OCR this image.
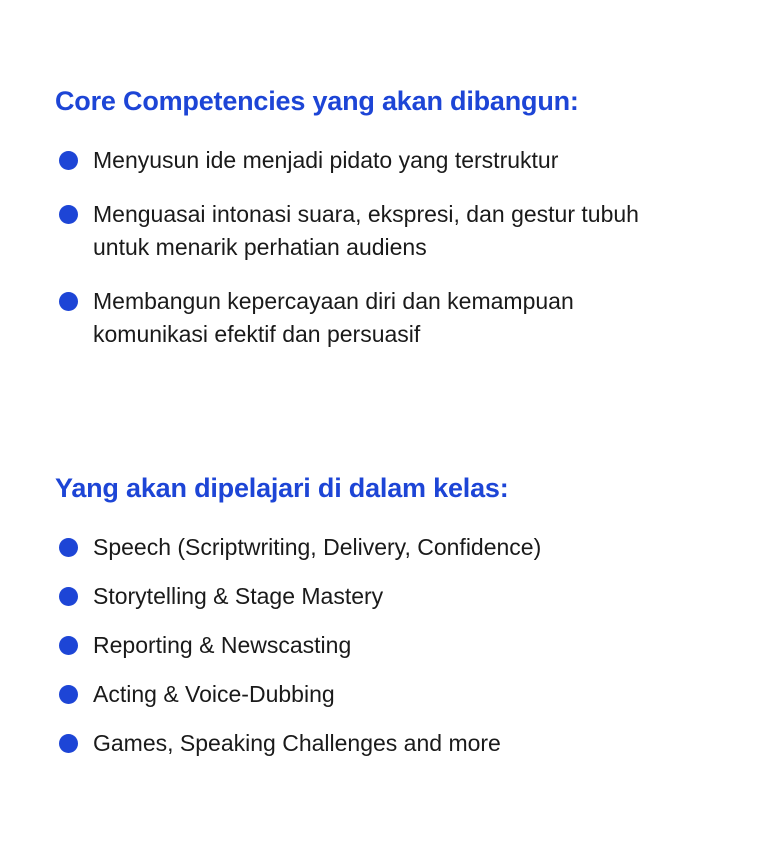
Core Competencies yang akan dibangun:
Menyusun ide menjadi pidato yang terstruktur
Menguasai intonasi suara, ekspresi, dan gestur tubuh untuk menarik perhatian audiens
Membangun kepercayaan diri dan kemampuan komunikasi efektif dan persuasif
Yang akan dipelajari di dalam kelas:
Speech (Scriptwriting, Delivery, Confidence)
Storytelling & Stage Mastery
Reporting & Newscasting
Acting & Voice-Dubbing
Games, Speaking Challenges and more
